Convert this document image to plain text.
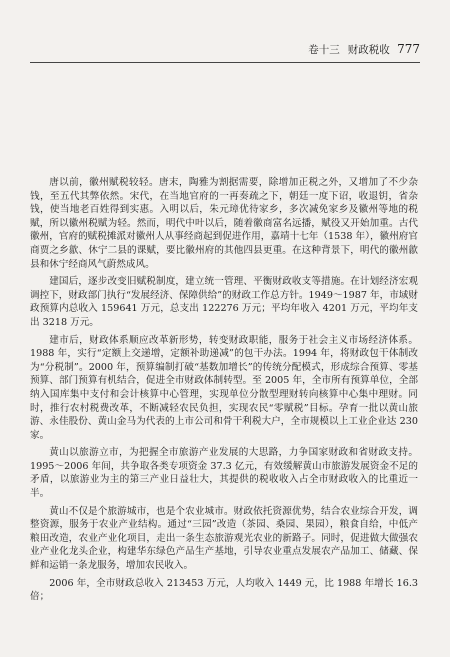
卷十三 财政税收 777

唐以前，徽州赋税较轻。唐末，陶雅为割据需要，除增加正税之外，又增加了不少杂钱，至五代其弊依然。宋代，在当地官府的一再奏疏之下，朝廷一度下诏，收退钥，省杂钱，使当地老百姓得到实惠。入明以后，朱元璋优待家乡，多次减免家乡及徽州等地的税赋，所以徽州税赋为轻。然而，明代中叶以后，随着徽商富名远播，赋役又开始加重。古代徽州，官府的赋税摊派对徽州人从事经商起到促进作用，嘉靖十七年（1538 年），徽州府官商贾之乡歙、休宁二县的课赋，要比徽州府的其他四县更重。在这种背景下，明代的徽州歙县和休宁经商风气蔚然成风。

建国后，逐步改变旧赋税制度，建立统一管理、平衡财政收支等措施。在计划经济宏观调控下，财政部门执行“发展经济、保障供给”的财政工作总方针。1949～1987 年，市域财政预算内总收入 159641 万元，总支出 122276 万元；平均年收入 4201 万元，平均年支出 3218 万元。

建市后，财政体系顺应改革新形势，转变财政职能，服务于社会主义市场经济体系。1988 年，实行“定额上交递增，定额补助递减”的包干办法。1994 年，将财政包干体制改为“分税制”。2000 年，预算编制打破“基数加增长”的传统分配模式，形成综合预算、零基预算、部门预算有机结合，促进全市财政体制转型。至 2005 年，全市所有预算单位，全部纳入国库集中支付和会计核算中心管理，实现单位分散型理财转向核算中心集中理财。同时，推行农村税费改革，不断减轻农民负担，实现农民“零赋税”目标。孕育一批以黄山旅游、永佳股份、黄山金马为代表的上市公司和骨干利税大户，全市规模以上工业企业达 230 家。

黄山以旅游立市，为把握全市旅游产业发展的大思路，力争国家财政和省财政支持。1995～2006 年间，共争取各类专项资金 37.3 亿元，有效缓解黄山市旅游发展资金不足的矛盾，以旅游业为主的第三产业日益壮大，其提供的税收收入占全市财政收入的比重近一半。

黄山不仅是个旅游城市，也是个农业城市。财政依托资源优势，结合农业综合开发，调整资源，服务于农业产业结构。通过“三园”改造（茶园、桑园、果园），粮食自给，中低产粮田改造，农业产业化项目，走出一条生态旅游观光农业的新路子。同时，促进做大做强农业产业化龙头企业，构建华东绿色产品生产基地，引导农业重点发展农产品加工、储藏、保鲜和运销一条龙服务，增加农民收入。

2006 年，全市财政总收入 213453 万元，人均收入 1449 元，比 1988 年增长 16.3 倍；
